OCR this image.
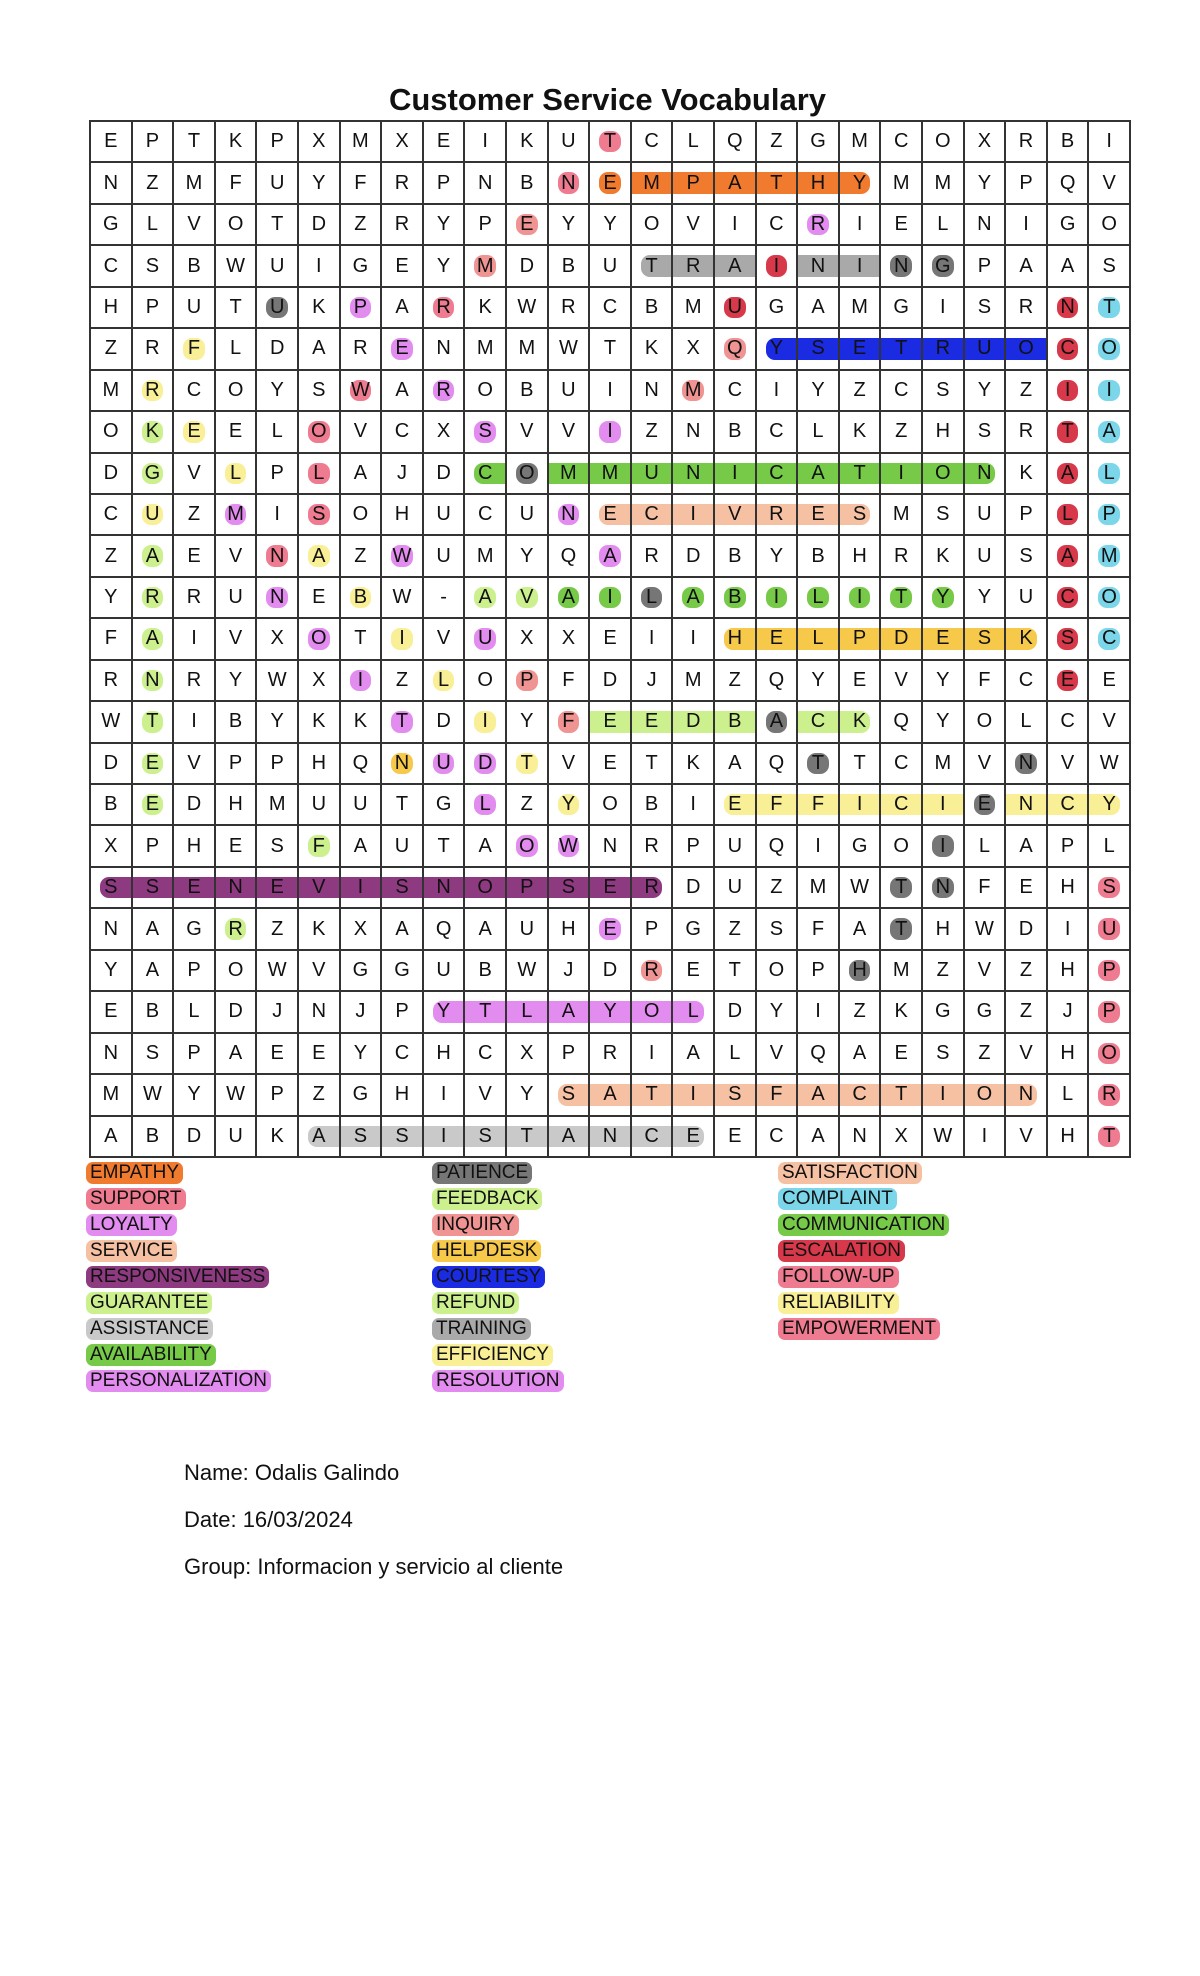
Customer Service Vocabulary
E P T K P X M X E I K U T C L Q Z G M C O X R B I
N Z M F U Y F R P N B N E M P A T H Y M M Y P Q V
G L V O T D Z R Y P E Y Y O V I C R I E L N I G O
C S B W U I G E Y M D B U T R A I N I N G P A A S
H P U T U K P A R K W R C B M U G A M G I S R N T
Z R F L D A R E N M M W T K X Q Y S E T R U O C O
M R C O Y S W A R O B U I N M C I Y Z C S Y Z I I
O K E E L O V C X S V V I Z N B C L K Z H S R T A
D G V L P L A J D C O M M U N I C A T I O N K A L
C U Z M I S O H U C U N E C I V R E S M S U P L P
Z A E V N A Z W U M Y Q A R D B Y B H R K U S A M
Y R R U N E B W - A V A I L A B I L I T Y Y U C O
F A I V X O T I V U X X E I I H E L P D E S K S C
R N R Y W X I Z L O P F D J M Z Q Y E V Y F C E E
W T I B Y K K T D I Y F E E D B A C K Q Y O L C V
D E V P P H Q N U D T V E T K A Q T T C M V N V W
B E D H M U U T G L Z Y O B I E F F I C I E N C Y
X P H E S F A U T A O W N R P U Q I G O I L A P L
S S E N E V I S N O P S E R D U Z M W T N F E H S
N A G R Z K X A Q A U H E P G Z S F A T H W D I U
Y A P O W V G G U B W J D R E T O P H M Z V Z H P
E B L D J N J P Y T L A Y O L D Y I Z K G G Z J P
N S P A E E Y C H C X P R I A L V Q A E S Z V H O
M W Y W P Z G H I V Y S A T I S F A C T I O N L R
A B D U K A S S I S T A N C E E C A N X W I V H T
EMPATHY
SUPPORT
LOYALTY
SERVICE
RESPONSIVENESS
GUARANTEE
ASSISTANCE
AVAILABILITY
PERSONALIZATION
PATIENCE
FEEDBACK
INQUIRY
HELPDESK
COURTESY
REFUND
TRAINING
EFFICIENCY
RESOLUTION
SATISFACTION
COMPLAINT
COMMUNICATION
ESCALATION
FOLLOW-UP
RELIABILITY
EMPOWERMENT
Name: Odalis Galindo
Date: 16/03/2024
Group: Informacion y servicio al cliente
